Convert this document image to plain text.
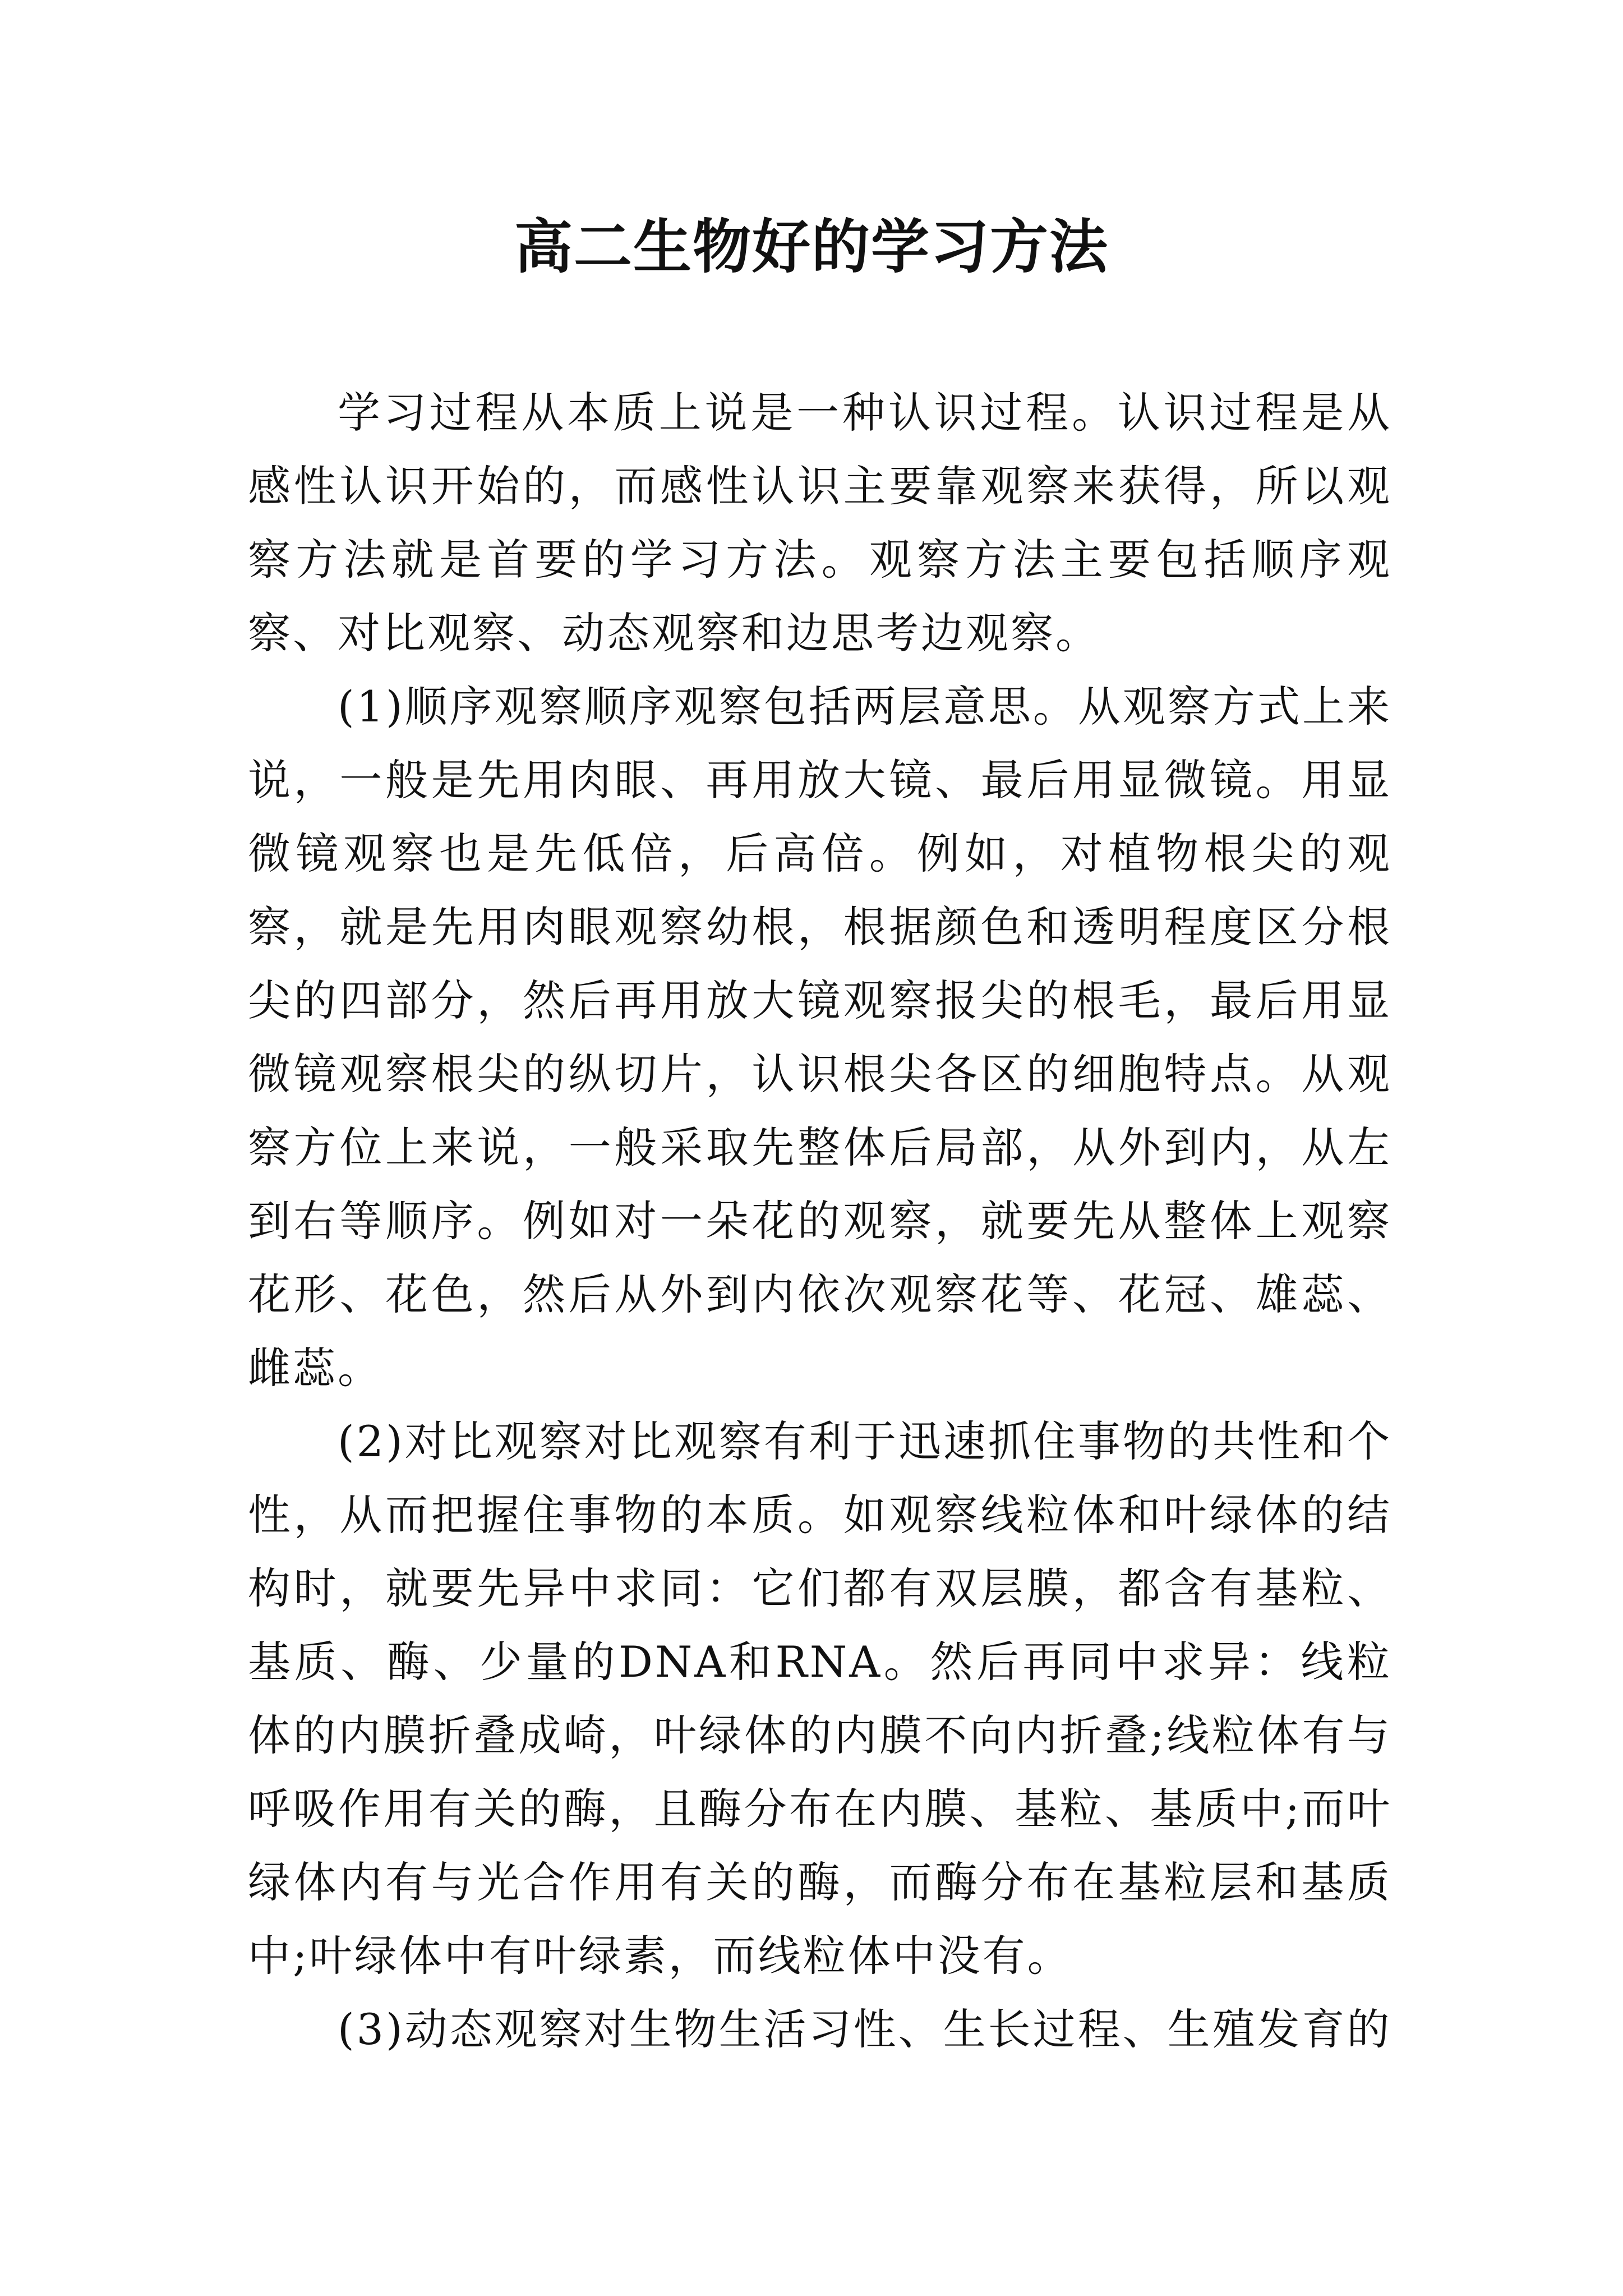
高二生物好的学习方法

学习过程从本质上说是一种认识过程。认识过程是从感性认识开始的，而感性认识主要靠观察来获得，所以观察方法就是首要的学习方法。观察方法主要包括顺序观察、对比观察、动态观察和边思考边观察。

(1)顺序观察顺序观察包括两层意思。从观察方式上来说，一般是先用肉眼、再用放大镜、最后用显微镜。用显微镜观察也是先低倍，后高倍。例如，对植物根尖的观察，就是先用肉眼观察幼根，根据颜色和透明程度区分根尖的四部分，然后再用放大镜观察报尖的根毛，最后用显微镜观察根尖的纵切片，认识根尖各区的细胞特点。从观察方位上来说，一般采取先整体后局部，从外到内，从左到右等顺序。例如对一朵花的观察，就要先从整体上观察花形、花色，然后从外到内依次观察花等、花冠、雄蕊、雌蕊。

(2)对比观察对比观察有利于迅速抓住事物的共性和个性，从而把握住事物的本质。如观察线粒体和叶绿体的结构时，就要先异中求同：它们都有双层膜，都含有基粒、基质、酶、少量的DNA和RNA。然后再同中求异：线粒体的内膜折叠成崎，叶绿体的内膜不向内折叠;线粒体有与呼吸作用有关的酶，且酶分布在内膜、基粒、基质中;而叶绿体内有与光合作用有关的酶，而酶分布在基粒层和基质中;叶绿体中有叶绿素，而线粒体中没有。

(3)动态观察对生物生活习性、生长过程、生殖发育的
